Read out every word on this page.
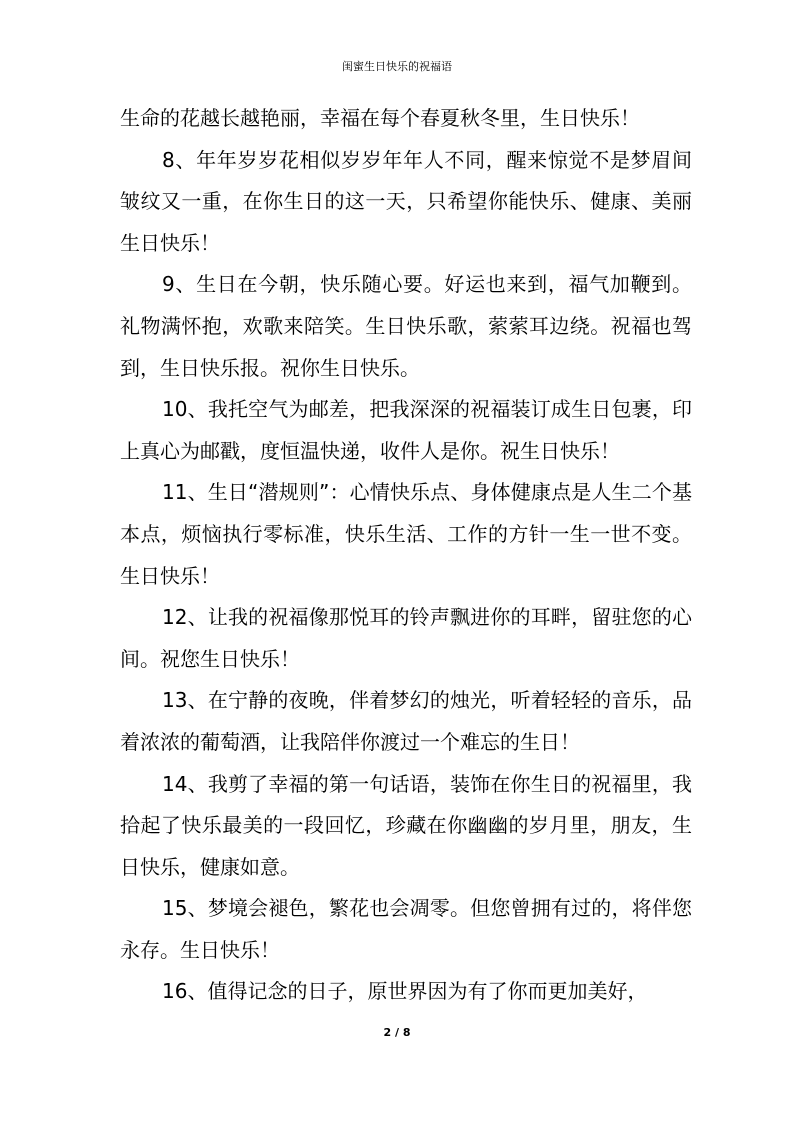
闺蜜生日快乐的祝福语

生命的花越长越艳丽，幸福在每个春夏秋冬里，生日快乐！

8、年年岁岁花相似岁岁年年人不同，醒来惊觉不是梦眉间皱纹又一重，在你生日的这一天，只希望你能快乐、健康、美丽生日快乐！

9、生日在今朝，快乐随心要。好运也来到，福气加鞭到。礼物满怀抱，欢歌来陪笑。生日快乐歌，萦萦耳边绕。祝福也驾到，生日快乐报。祝你生日快乐。

10、我托空气为邮差，把我深深的祝福装订成生日包裹，印上真心为邮戳，度恒温快递，收件人是你。祝生日快乐！

11、生日“潜规则”：心情快乐点、身体健康点是人生二个基本点，烦恼执行零标准，快乐生活、工作的方针一生一世不变。生日快乐！

12、让我的祝福像那悦耳的铃声飘进你的耳畔，留驻您的心间。祝您生日快乐！

13、在宁静的夜晚，伴着梦幻的烛光，听着轻轻的音乐，品着浓浓的葡萄酒，让我陪伴你渡过一个难忘的生日！

14、我剪了幸福的第一句话语，装饰在你生日的祝福里，我拾起了快乐最美的一段回忆，珍藏在你幽幽的岁月里，朋友，生日快乐，健康如意。

15、梦境会褪色，繁花也会凋零。但您曾拥有过的，将伴您永存。生日快乐！

16、值得记念的日子，原世界因为有了你而更加美好，

2 / 8
